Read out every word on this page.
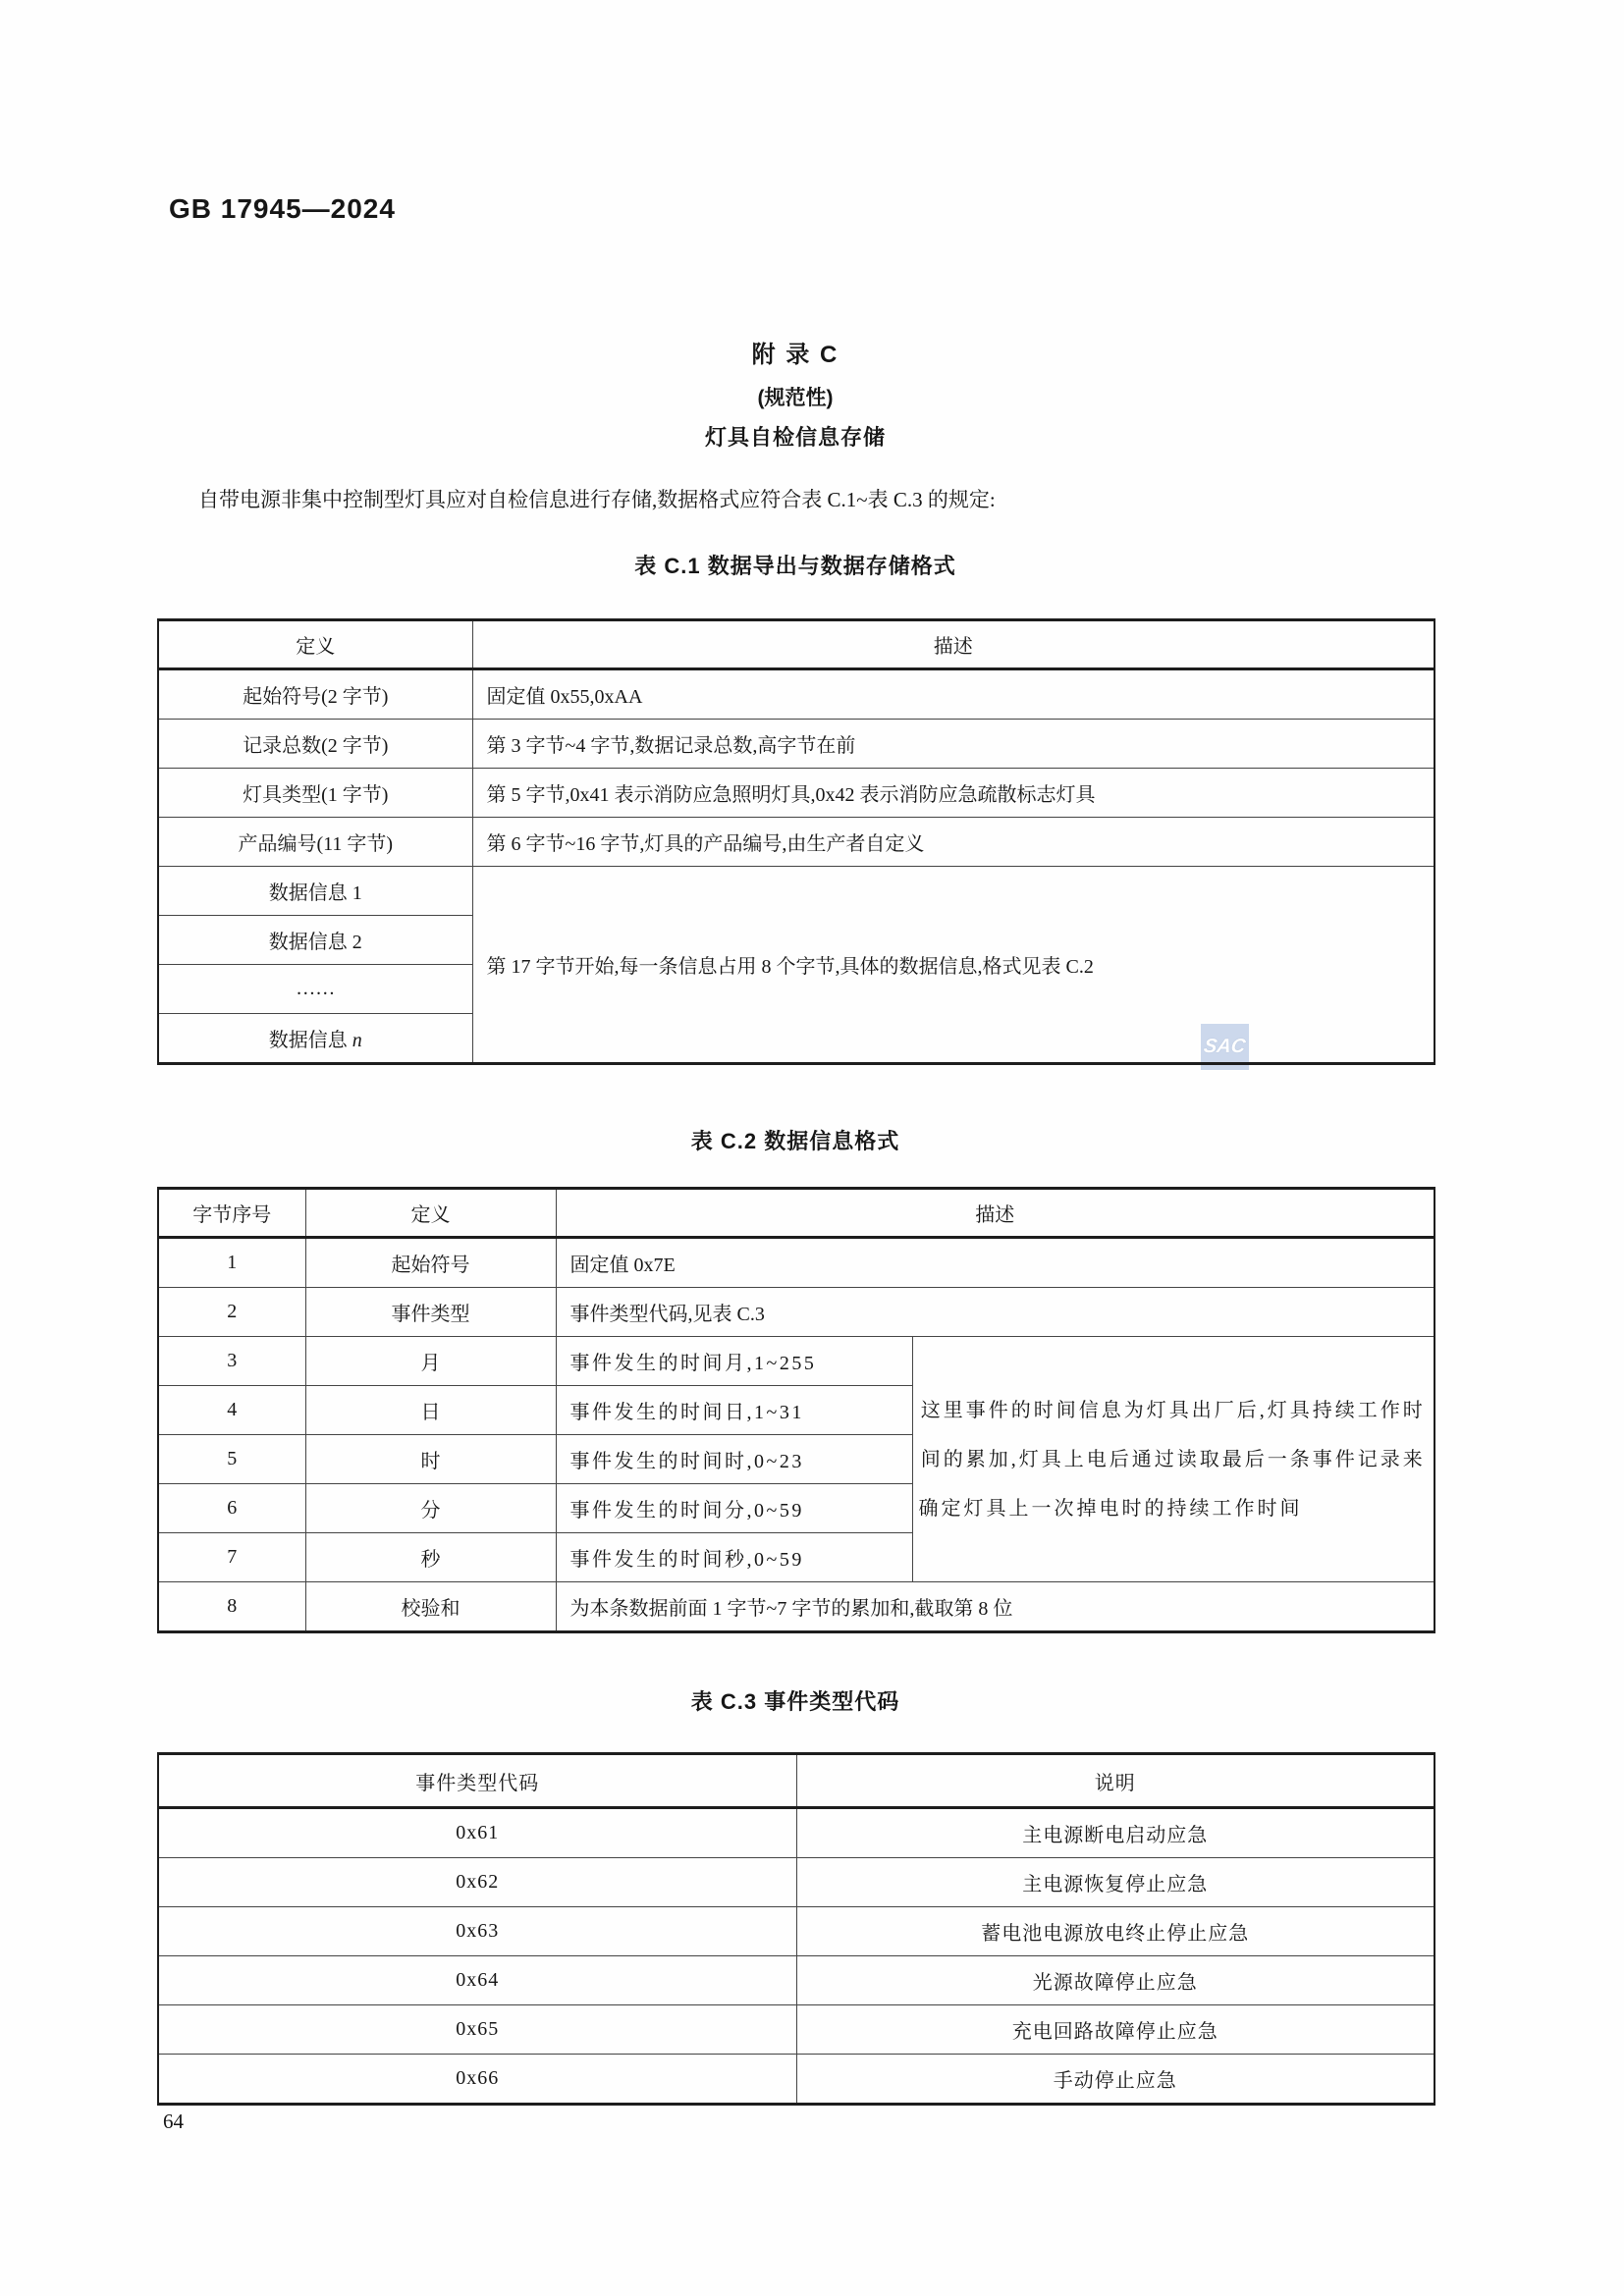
GB 17945—2024
附 录 C
(规范性)
灯具自检信息存储

自带电源非集中控制型灯具应对自检信息进行存储,数据格式应符合表 C.1~表 C.3 的规定:

表 C.1 数据导出与数据存储格式
SAC
定义	描述
起始符号(2 字节)	固定值 0x55,0xAA
记录总数(2 字节)	第 3 字节~4 字节,数据记录总数,高字节在前
灯具类型(1 字节)	第 5 字节,0x41 表示消防应急照明灯具,0x42 表示消防应急疏散标志灯具
产品编号(11 字节)	第 6 字节~16 字节,灯具的产品编号,由生产者自定义
数据信息 1	第 17 字节开始,每一条信息占用 8 个字节,具体的数据信息,格式见表 C.2
数据信息 2	
……	
数据信息 n	
表 C.2 数据信息格式
字节序号	定义	描述	
1	起始符号	固定值 0x7E	
2	事件类型	事件类型代码,见表 C.3	
3	月	事件发生的时间月,1~255	这里事件的时间信息为灯具出厂后,灯具持续工作时间的累加,灯具上电后通过读取最后一条事件记录来确定灯具上一次掉电时的持续工作时间
4	日	事件发生的时间日,1~31	
5	时	事件发生的时间时,0~23	
6	分	事件发生的时间分,0~59	
7	秒	事件发生的时间秒,0~59	
8	校验和	为本条数据前面 1 字节~7 字节的累加和,截取第 8 位	
表 C.3 事件类型代码
事件类型代码	说明
0x61	主电源断电启动应急
0x62	主电源恢复停止应急
0x63	蓄电池电源放电终止停止应急
0x64	光源故障停止应急
0x65	充电回路故障停止应急
0x66	手动停止应急
64
